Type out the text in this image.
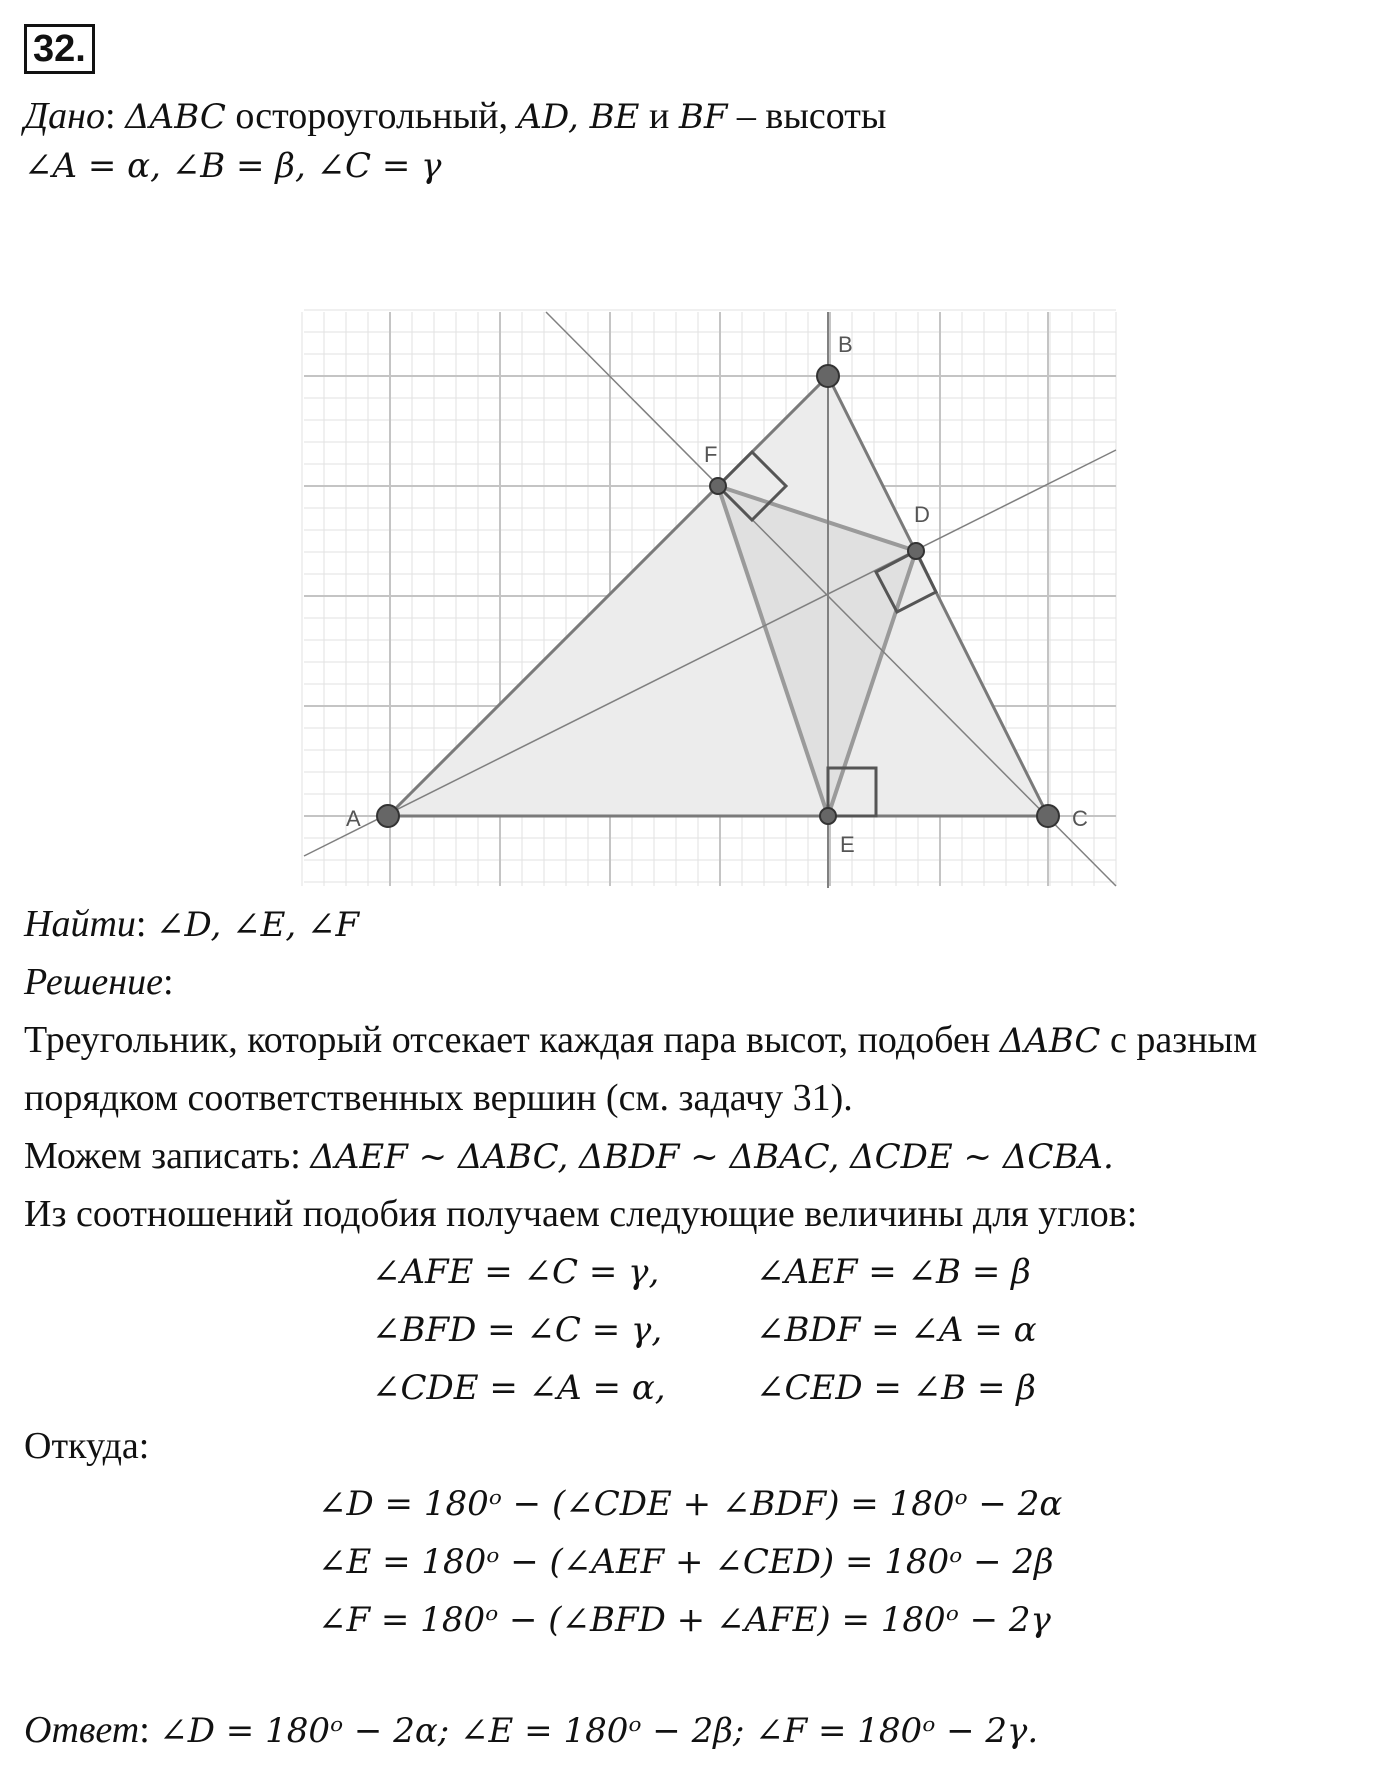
32.
Дано: ΔABC остороугольный, AD, BE и BF – высоты
∠A = α, ∠B = β, ∠C = γ
A
B
C
D
E
F
Найти: ∠D, ∠E, ∠F
Решение:
Треугольник, который отсекает каждая пара высот, подобен ΔABC с разным
порядком соответственных вершин (см. задачу 31).
Можем записать: ΔAEF ~ ΔABC, ΔBDF ~ ΔBAC, ΔCDE ~ ΔCBA.
Из соотношений подобия получаем следующие величины для углов:
∠AFE = ∠C = γ,	∠AEF = ∠B = β
∠BFD = ∠C = γ,	∠BDF = ∠A = α
∠CDE = ∠A = α,	∠CED = ∠B = β
Откуда:
∠D = 180ᵒ − (∠CDE + ∠BDF) = 180ᵒ − 2α
∠E = 180ᵒ − (∠AEF + ∠CED) = 180ᵒ − 2β
∠F = 180ᵒ − (∠BFD + ∠AFE) = 180ᵒ − 2γ
Ответ: ∠D = 180ᵒ − 2α; ∠E = 180ᵒ − 2β; ∠F = 180ᵒ − 2γ.
